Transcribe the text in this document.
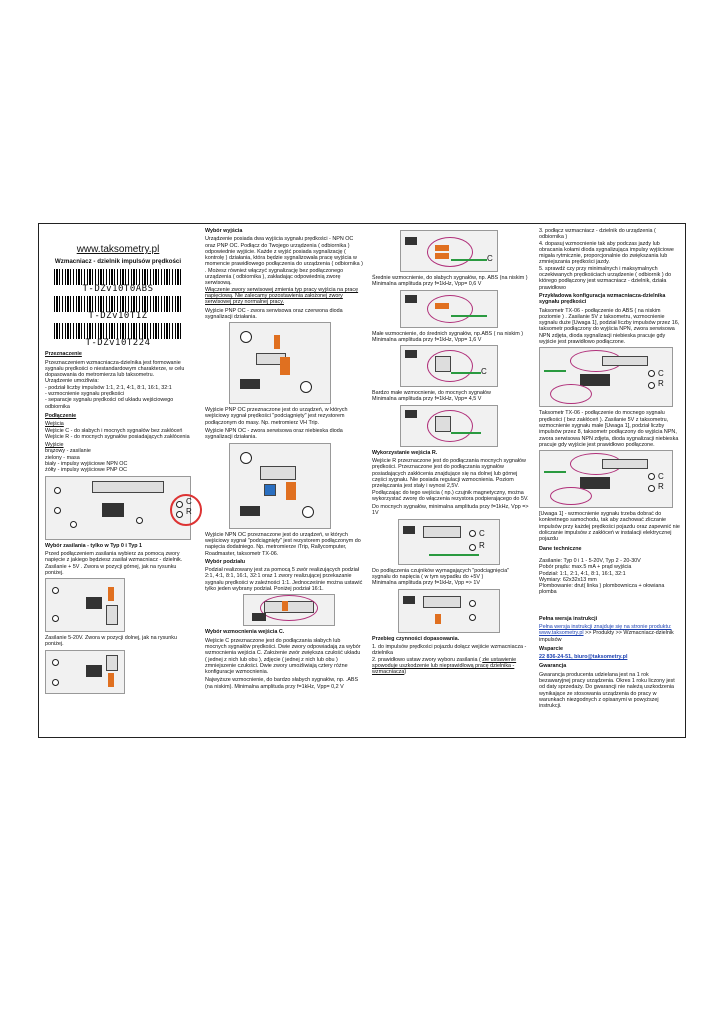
www.taksometry.pl
Wzmacniacz - dzielnik impulsów prędkości
T-DZv10T0ABS
T-DZv10T1Z
T-DZv10T224
Przeznaczenie
Przeznaczeniem wzmacniacza-dzielnika jest formowanie sygnału prędkości o niestandardowym charakterze, w celu dopasowania do metromierza lub taksometru.
Urządzenie umożliwia:
- podział liczby impulsów 1:1, 2:1, 4:1, 8:1, 16:1, 32:1
- wzmocnienie sygnału prędkości
- separacje sygnału prędkości od układu wejściowego odbiornika
Podłączenie
Wejścia
Wejście C - do słabych i mocnych sygnałów bez zakłóceń
Wejście R - do mocnych sygnałów posiadających zakłócenia
Wyjście
brązowy - zasilanie
zielony - masa
biały - impulsy wyjściowe NPN OC
żółty - impulsy wyjściowe PNP OC
C
R
Wybór zasilania - tylko w Typ 0 i Typ 1
Przed podłączeniem zasilania wybierz za pomocą zwory napięcie z jakiego będziesz zasilał wzmacniacz - dzielnik.
Zasilanie + 5V . Zwora w pozycji górnej, jak na rysunku poniżej.
Zasilanie 5-20V. Zwora w pozycji dolnej, jak na rysunku poniżej.
Wybór wyjścia
Urządzenie posiada dwa wyjścia sygnału prędkości - NPN OC oraz PNP OC. Podłącz do Twojego urządzenia ( odbiornika ) odpowiednie wyjście. Każde z wyjść posiada sygnalizację ( kontrolę ) działania, która będzie sygnalizowała pracę wyjścia w momencie prawidłowego podłączenia do urządzenia ( odbiornika ) . Możesz również włączyć sygnalizację bez podłączonego urządzenia ( odbiornika ), zakładając odpowiednią zworę serwisową.
Włączenie zwory serwisowej zmienia typ pracy wyjścia na pracę napięciową. Nie zalecamy pozostawienia założonej zwory serwisowej przy normalnej pracy.
Wyjście PNP OC - zwora serwisowa oraz czerwona dioda sygnalizacji działania.
Wyjście PNP OC przeznaczone jest do urządzeń, w których wejściowy sygnał prędkości "podciągnięty" jest rezystorem podłączonym do masy. Np. metromierz VH Trip.
Wyjście NPN OC - zwora serwisowa oraz niebieska dioda sygnalizacji działania.
Wyjście NPN OC przeznaczone jest do urządzeń, w których wejściowy sygnał "podciągnięty" jest rezystorem podłączonym do napięcia dodatniego. Np. metromierze iTrip, Rallycomputer, Roadmaster, taksometr TX-06.
Wybór podziału
Podział realizowany jest za pomocą 5 zwór realizujących podział 2:1, 4:1, 8:1, 16:1, 32:1 oraz 1 zwory realizującej przekazanie sygnału prędkości w zależności 1:1. Jednocześnie można ustawić tylko jeden wybrany podział. Poniżej podział 16:1.
Wybór wzmocnienia wejścia C.
Wejście C przeznaczone jest do podłączania słabych lub mocnych sygnałów prędkości. Dwie zwory odpowiadają za wybór wzmocnienia wejścia C. Założenie zwór zwiększa czułość układu ( jednej z nich lub obu ), zdjęcie ( jednej z nich lub obu ) zmniejszenie czułości. Dwie zwory umożliwiają cztery różne konfiguracje wzmocnienia.
Najwyższe wzmocnienie, do bardzo słabych sygnałów, np. .ABS (na niskim). Minimalna amplituda przy f=1kHz, Vpp= 0,2 V
C
Średnie wzmocnienie, do słabych sygnałów, np. ABS (na niskim )
Minimalna amplituda przy f=1kHz, Vpp= 0,6 V
Małe wzmocnienie, do średnich sygnałów, np.ABS ( na niskim )
Minimalna amplituda przy f=1kHz, Vpp= 1,6 V
C
Bardzo małe wzmocnienie, do mocnych sygnałów
Minimalna amplituda przy f=1kHz, Vpp= 4,5 V
Wykorzystanie wejścia R.
Wejście R przeznaczone jest do podłączania mocnych sygnałów prędkości. Przeznaczone jest do podłączania sygnałów posiadających zakłócenia znajdujące się na dolnej lub górnej części sygnału. Nie posiada regulacji wzmocnienia. Poziom przełączania jest stały i wynosi 2,5V.
Podłączając do tego wejścia ( np.) czujnik magnetyczny, można wykorzystać zworę do włączenia rezystora podpierającego do 5V.
Do mocnych sygnałów, minimalna amplituda przy f=1kHz, Vpp => 1V
C
R
Do podłączenia czujników wymagających "podciągnięcia" sygnału do napięcia ( w tym wypadku do +5V )
Minimalna amplituda przy f=1kHz, Vpp => 1V
Przebieg czynności dopasowania.
1. do impulsów prędkości pojazdu dołącz wejście wzmacniacza - dzielnika
2. prawidłowo ustaw zwory wyboru zasilania ( złe ustawienie spowoduje uszkodzenie lub nieprawidłową pracę dzielnika - wzmacniacza)
3. podłącz wzmacniacz - dzielnik do urządzenia ( odbiornika )
4. dopasuj wzmocnienie tak aby podczas jazdy lub obracania kołami dioda sygnalizująca impulsy wyjściowe migała rytmicznie, proporcjonalnie do zwiększania lub zmniejszania prędkości jazdy.
5. sprawdź czy przy minimalnych i maksymalnych oczekiwanych prędkościach urządzenie ( odbiornik ) do którego podłączony jest wzmacniacz - dzielnik, działa prawidłowo
Przykładowa konfiguracja wzmacniacza-dzielnika sygnału prędkości
Taksometr TX-06 - podłączenie do ABS ( na niskim poziomie ) . Zasilanie 5V z taksometru, wzmocnienie sygnału duże [Uwaga 1], podział liczby impulsów przez 16, taksometr podłączony do wyjścia NPN, zwora serwisowa NPN zdjęta, dioda sygnalizacji niebieska pracuje gdy wyjście jest prawidłowo podłączone.
C
R
Taksometr TX-06 - podłączenie do mocnego sygnału prędkości ( bez zakłóceń ). Zasilanie 5V z taksometru, wzmocnienie sygnału małe [Uwaga 1], podział liczby impulsów przez 8, taksometr podłączony do wyjścia NPN, zwora serwisowa NPN zdjęta, dioda sygnalizacji niebieska pracuje gdy wyjście jest prawidłowo podłączone.
C
R
[Uwaga 1] - wzmocnienie sygnału trzeba dobrać do konkretnego samochodu, tak aby zachować zliczanie impulsów przy każdej prędkości pojazdu oraz zapewnić nie doliczanie impulsów z zakłóceń w instalacji elektrycznej pojazdu
Dane techniczne
Zasilanie: Typ 0 i 1 - 5-20V, Typ 2 - 20-30V
Pobór prądu: max.5 mA + prąd wyjścia
Podział: 1:1, 2:1, 4:1, 8:1, 16:1, 32:1
Wymiary: 62x32x13 mm
Plombowanie: drut( linka ) plombownicza + ołowiana plomba
Pełna wersja instrukcji
Pełna wersja instrukcji znajduje się na stronie produktu:
www.taksometry.pl >> Produkty >> Wzmacniacz-dzielnik impulsów
Wsparcie
22 836-24-51, biuro@taksometry.pl
Gwarancja
Gwarancja producenta udzielana jest na 1 rok bezawaryjnej pracy urządzenia. Okres 1 roku liczony jest od daty sprzedaży. Do gwarancji nie należą uszkodzenia wynikające ze stosowania urządzenia do pracy w warunkach niezgodnych z opisanymi w powyższej instrukcji.
